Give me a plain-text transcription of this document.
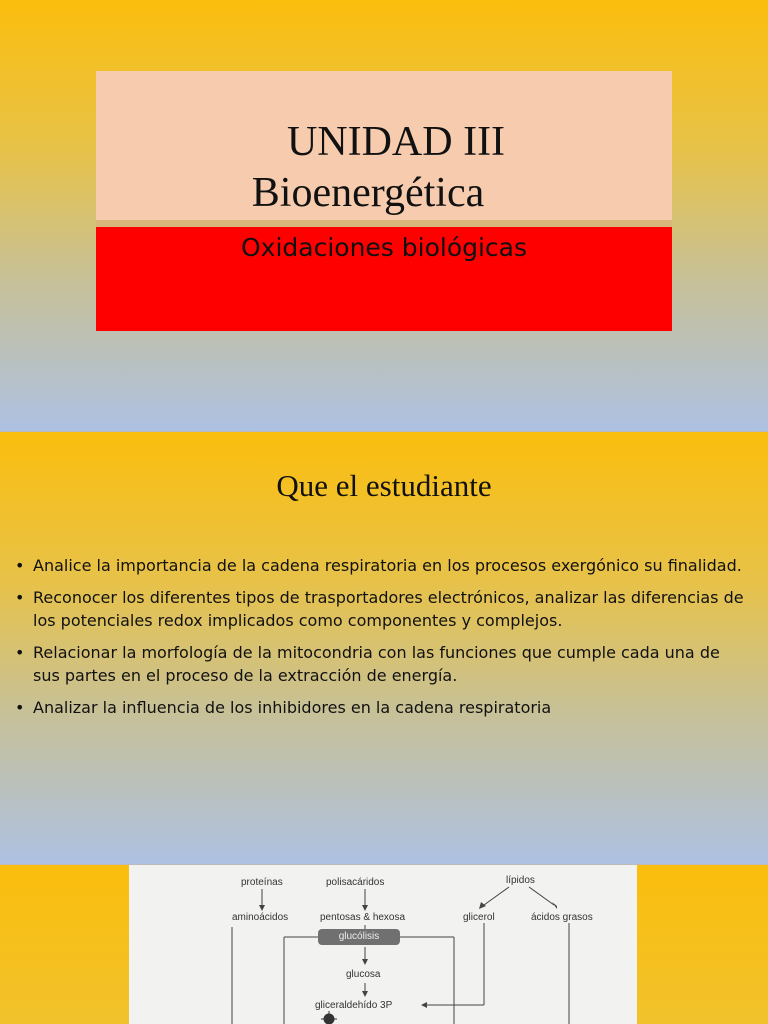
UNIDAD III
Bioenergética
Oxidaciones biológicas
Que el estudiante
• Analice la importancia de la cadena respiratoria en los procesos exergónico su finalidad.
• Reconocer los diferentes tipos de trasportadores electrónicos, analizar las diferencias de los potenciales redox implicados como componentes y complejos.
• Relacionar la morfología de la mitocondria con las funciones que cumple cada una de sus partes en el proceso de la extracción de energía.
• Analizar la influencia de los inhibidores en la cadena respiratoria
proteínas	polisacáridos	lípidos
aminoácidos	pentosas & hexosa	glicerol	ácidos grasos
glucólisis
glucosa
gliceraldehído 3P
